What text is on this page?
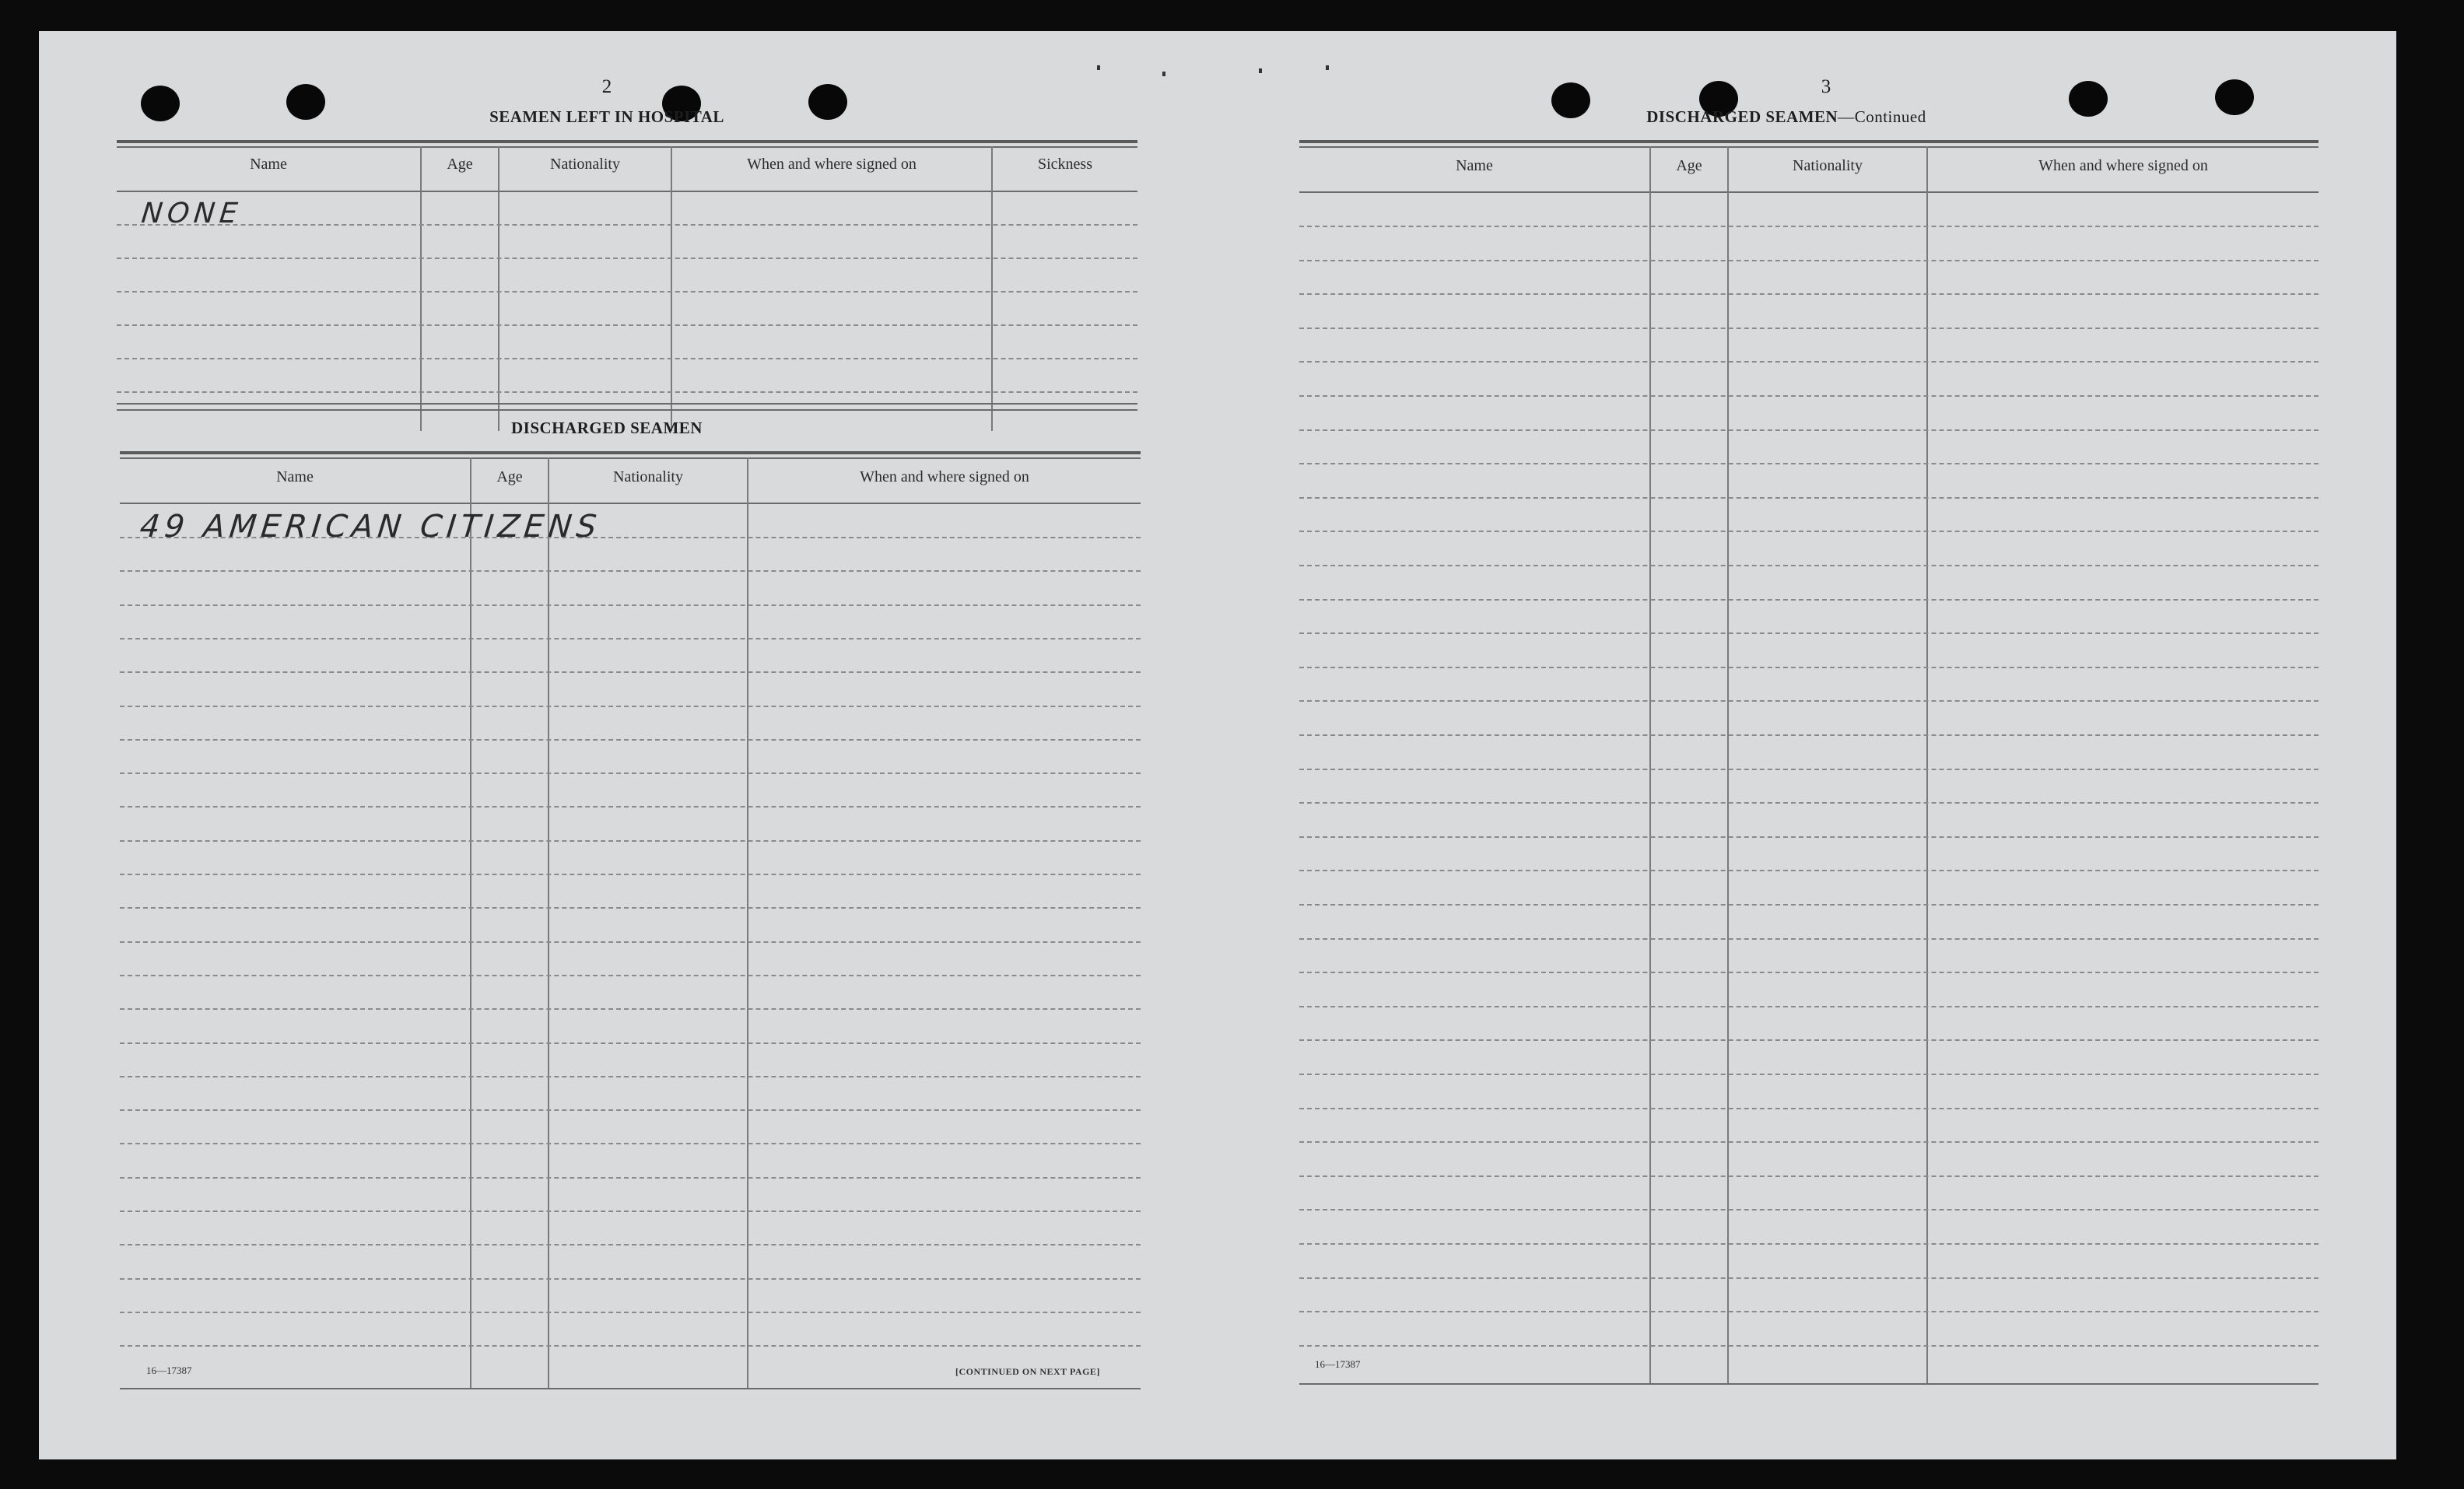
2
SEAMEN LEFT IN HOSPITAL
Name	Age	Nationality	When and where signed on	Sickness
NONE
DISCHARGED SEAMEN
Name	Age	Nationality	When and where signed on
49 AMERICAN CITIZENS
16—17387	[CONTINUED ON NEXT PAGE]
3
DISCHARGED SEAMEN—Continued
Name	Age	Nationality	When and where signed on
16—17387
